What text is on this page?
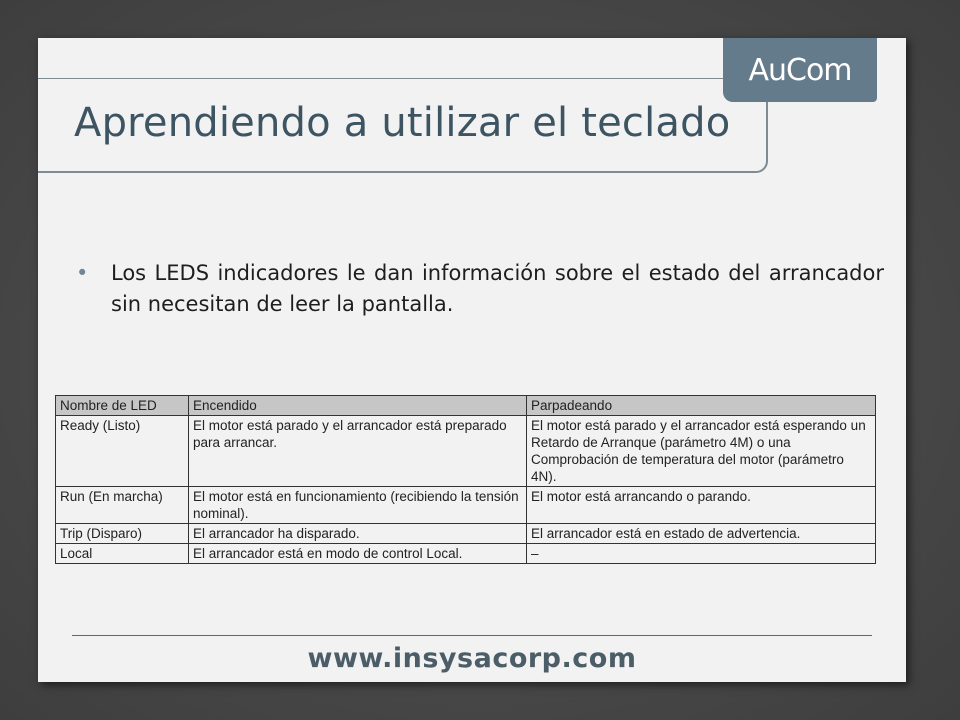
AuCom
Aprendiendo a utilizar el teclado
• Los LEDS indicadores le dan información sobre el estado del arrancador sin necesitan de leer la pantalla.
Nombre de LED	Encendido	Parpadeando
Ready (Listo)	El motor está parado y el arrancador está preparado para arrancar.	El motor está parado y el arrancador está esperando un Retardo de Arranque (parámetro 4M) o una Comprobación de temperatura del motor (parámetro 4N).
Run (En marcha)	El motor está en funcionamiento (recibiendo la tensión nominal).	El motor está arrancando o parando.
Trip (Disparo)	El arrancador ha disparado.	El arrancador está en estado de advertencia.
Local	El arrancador está en modo de control Local.	–
www.insysacorp.com
